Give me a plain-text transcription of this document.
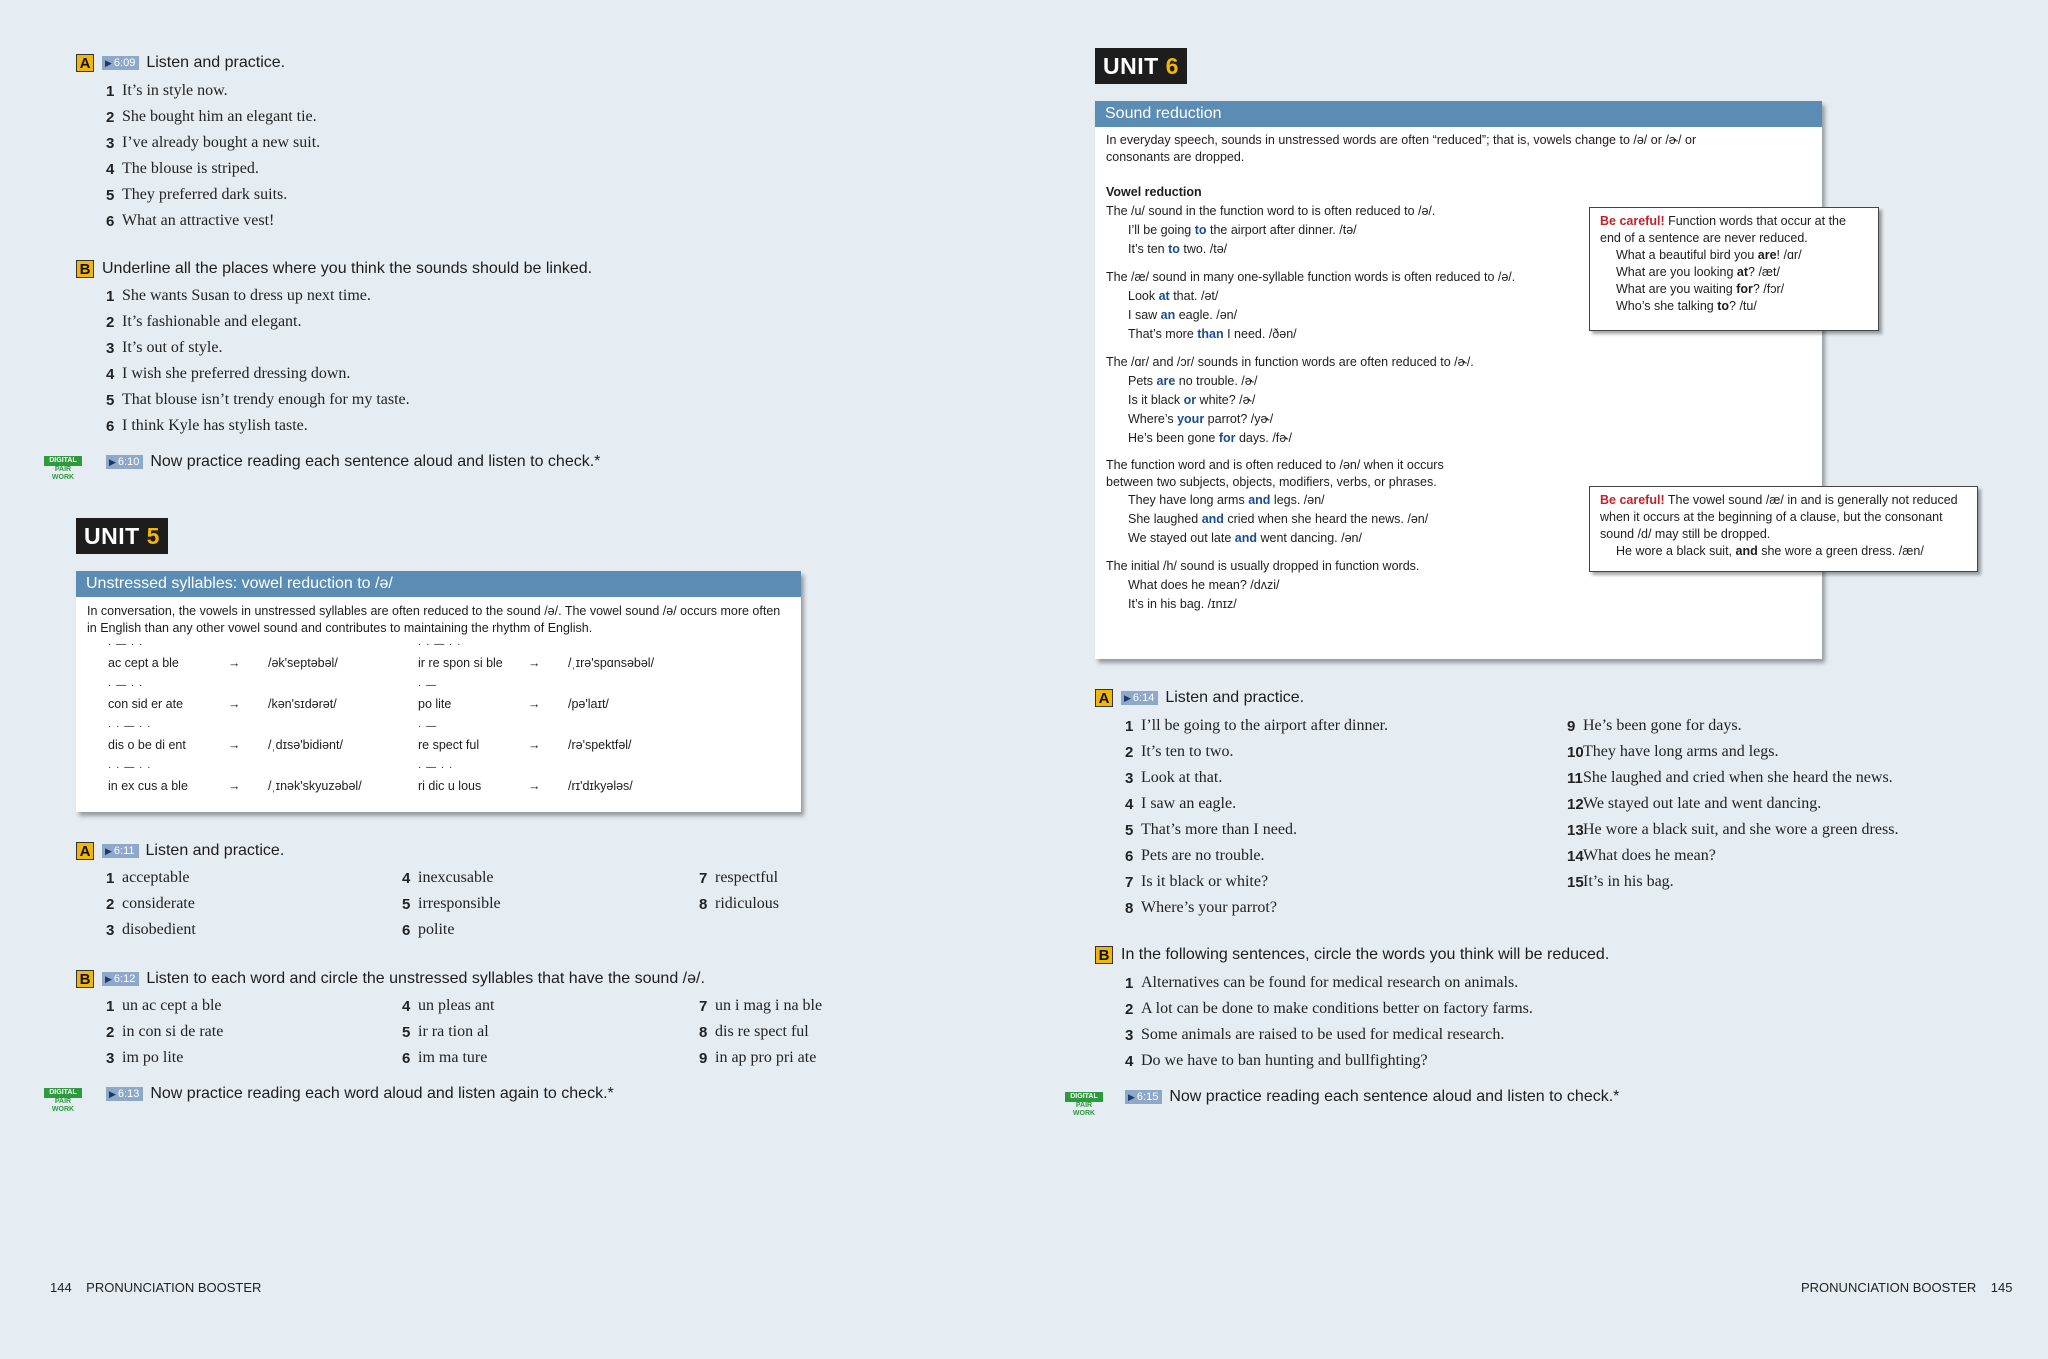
A	▶ 6:09 Listen and practice.
1 It’s in style now.
2 She bought him an elegant tie.
3 I’ve already bought a new suit.
4 The blouse is striped.
5 They preferred dark suits.
6 What an attractive vest!
B Underline all the places where you think the sounds should be linked.
1 She wants Susan to dress up next time.
2 It’s fashionable and elegant.
3 It’s out of style.
4 I wish she preferred dressing down.
5 That blouse isn’t trendy enough for my taste.
6 I think Kyle has stylish taste.
DIGITAL
PAIR
WORK
▶ 6:10 Now practice reading each sentence aloud and listen to check.*
UNIT 5
Unstressed syllables: vowel reduction to /ə/
In conversation, the vowels in unstressed syllables are often reduced to the sound /ə/. The vowel sound /ə/ occurs more often in English than any other vowel sound and contributes to maintaining the rhythm of English.
· — · ·
ac cept a ble	→	/ək'septəbəl/
· · — · ·
ir re spon si ble →	/ˌɪrə'spɑnsəbəl/
· — · ·
con sid er ate	→	/kən'sɪdərət/
· —
po lite	→	/pə'laɪt/
· · — · ·
dis o be di ent	→	/ˌdɪsə'bidiənt/
· —
re spect ful	→	/rə'spektfəl/
· · — · ·
in ex cus a ble	→	/ˌɪnək'skyuzəbəl/
· — · ·
ri dic u lous	→	/rɪ'dɪkyələs/
A	▶ 6:11 Listen and practice.
1 acceptable
2 considerate
3 disobedient
4 inexcusable
5 irresponsible
6 polite
7 respectful
8 ridiculous
B	▶ 6:12 Listen to each word and circle the unstressed syllables that have the sound /ə/.
1 un ac cept a ble
2 in con si de rate
3 im po lite
4 un pleas ant
5 ir ra tion al
6 im ma ture
7 un i mag i na ble
8 dis re spect ful
9 in ap pro pri ate
DIGITAL
PAIR
WORK
▶ 6:13 Now practice reading each word aloud and listen again to check.*
144 PRONUNCIATION BOOSTER
UNIT 6
Sound reduction
In everyday speech, sounds in unstressed words are often “reduced”; that is, vowels change to /ə/ or /ɚ/ or consonants are dropped.
Vowel reduction
The /u/ sound in the function word to is often reduced to /ə/.
I’ll be going to the airport after dinner. /tə/
It’s ten to two. /tə/
The /æ/ sound in many one-syllable function words is often reduced to /ə/.
Look at that. /ət/
I saw an eagle. /ən/
That’s more than I need. /ðən/
The /ɑr/ and /ɔr/ sounds in function words are often reduced to /ɚ/.
Pets are no trouble. /ɚ/
Is it black or white? /ɚ/
Where’s your parrot? /yɚ/
He’s been gone for days. /fɚ/
The function word and is often reduced to /ən/ when it occurs between two subjects, objects, modifiers, verbs, or phrases.
They have long arms and legs. /ən/
She laughed and cried when she heard the news. /ən/
We stayed out late and went dancing. /ən/
The initial /h/ sound is usually dropped in function words.
What does he mean? /dʌzi/
It’s in his bag. /ɪnɪz/
Be careful! Function words that occur at the end of a sentence are never reduced.
What a beautiful bird you are! /ɑr/
What are you looking at? /æt/
What are you waiting for? /fɔr/
Who’s she talking to? /tu/
Be careful! The vowel sound /æ/ in and is generally not reduced when it occurs at the beginning of a clause, but the consonant sound /d/ may still be dropped.
He wore a black suit, and she wore a green dress. /æn/
A	▶ 6:14 Listen and practice.
1 I’ll be going to the airport after dinner.
2 It’s ten to two.
3 Look at that.
4 I saw an eagle.
5 That’s more than I need.
6 Pets are no trouble.
7 Is it black or white?
8 Where’s your parrot?
9 He’s been gone for days.
10 They have long arms and legs.
11 She laughed and cried when she heard the news.
12 We stayed out late and went dancing.
13 He wore a black suit, and she wore a green dress.
14 What does he mean?
15 It’s in his bag.
B In the following sentences, circle the words you think will be reduced.
1 Alternatives can be found for medical research on animals.
2 A lot can be done to make conditions better on factory farms.
3 Some animals are raised to be used for medical research.
4 Do we have to ban hunting and bullfighting?
DIGITAL
PAIR
WORK
▶ 6:15 Now practice reading each sentence aloud and listen to check.*
PRONUNCIATION BOOSTER 145
